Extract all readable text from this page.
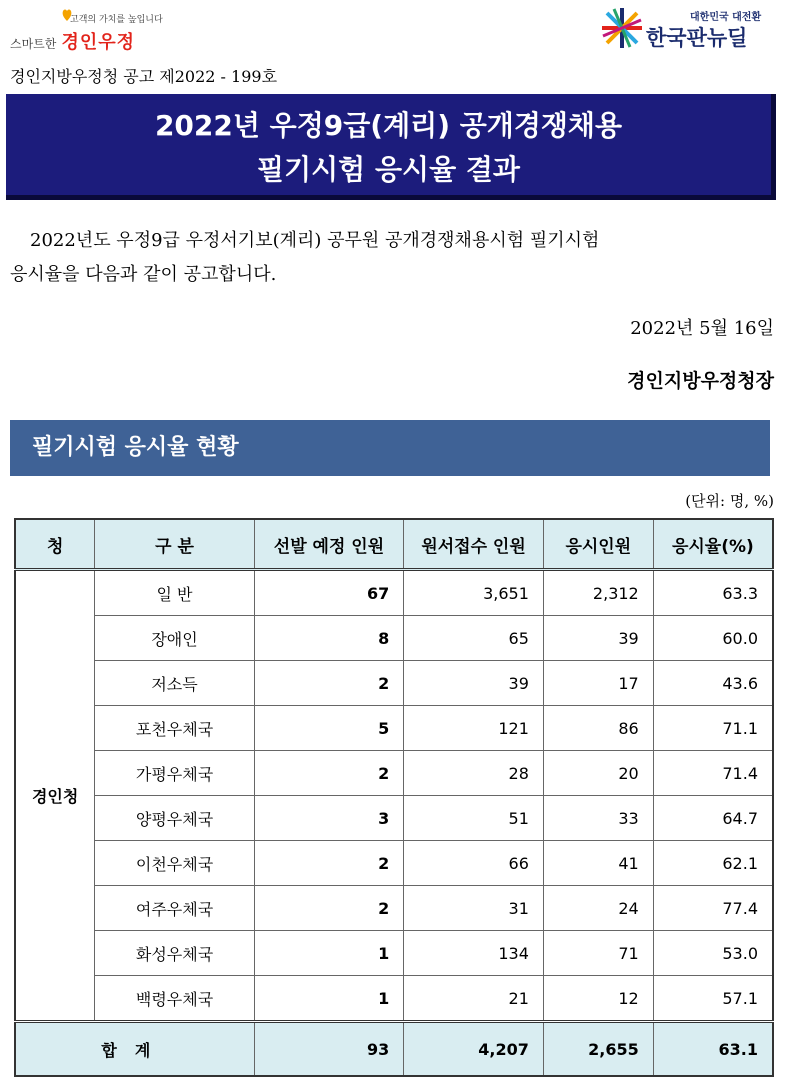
고객의 가치를 높입니다
스마트한 경인우정
대한민국 대전환
한국판뉴딜
경인지방우정청 공고 제2022 - 199호
2022년 우정9급(계리) 공개경쟁채용
필기시험 응시율 결과
2022년도 우정9급 우정서기보(계리) 공무원 공개경쟁채용시험 필기시험
응시율을 다음과 같이 공고합니다.
2022년 5월 16일
경인지방우정청장
필기시험 응시율 현황
(단위: 명, %)
청	구 분	선발 예정 인원	원서접수 인원	응시인원	응시율(%)
경인청	일 반	67	3,651	2,312	63.3
	장애인	8	65	39	60.0
	저소득	2	39	17	43.6
	포천우체국	5	121	86	71.1
	가평우체국	2	28	20	71.4
	양평우체국	3	51	33	64.7
	이천우체국	2	66	41	62.1
	여주우체국	2	31	24	77.4
	화성우체국	1	134	71	53.0
	백령우체국	1	21	12	57.1
합계		93	4,207	2,655	63.1
